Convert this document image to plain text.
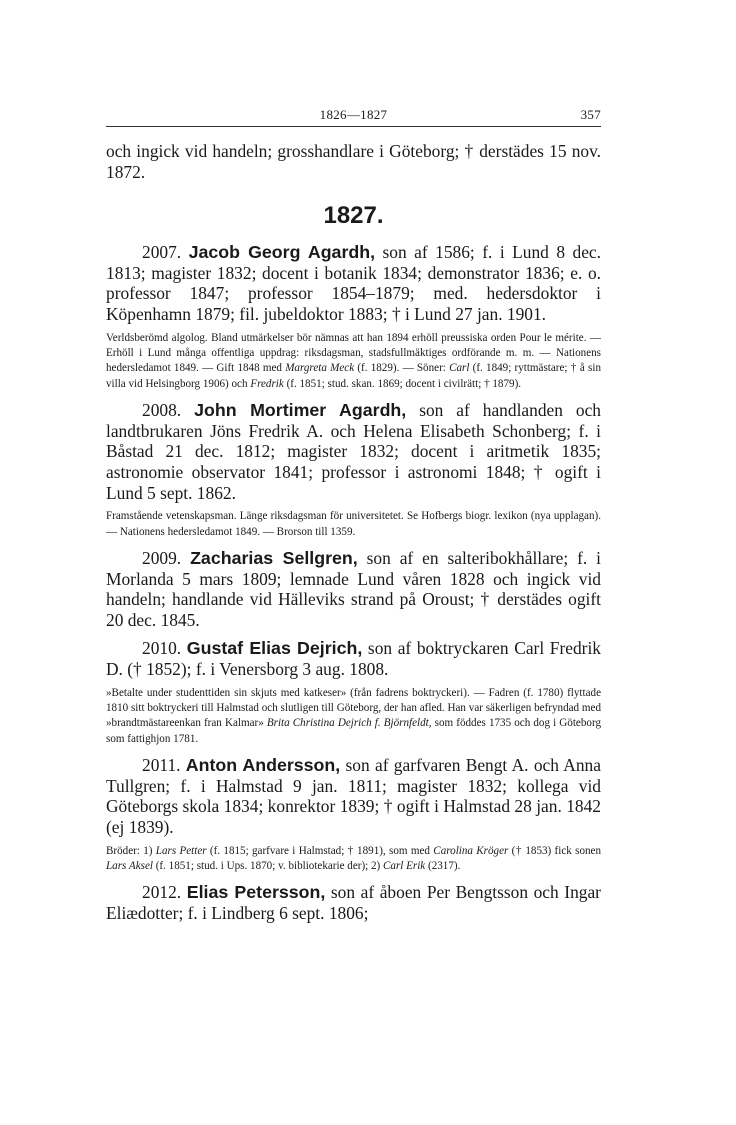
1826—1827	357

och ingick vid handeln; grosshandlare i Göteborg; † derstädes 15 nov. 1872.

1827.

2007. Jacob Georg Agardh, son af 1586; f. i Lund 8 dec. 1813; magister 1832; docent i botanik 1834; demonstrator 1836; e. o. professor 1847; professor 1854–1879; med. hedersdoktor i Köpenhamn 1879; fil. jubeldoktor 1883; † i Lund 27 jan. 1901.

Verldsberömd algolog. Bland utmärkelser bör nämnas att han 1894 erhöll preussiska orden Pour le mérite. — Erhöll i Lund många offentliga uppdrag: riksdagsman, stadsfullmäktiges ordförande m. m. — Nationens hedersledamot 1849. — Gift 1848 med Margreta Meck (f. 1829). — Söner: Carl (f. 1849; ryttmästare; † å sin villa vid Helsingborg 1906) och Fredrik (f. 1851; stud. skan. 1869; docent i civilrätt; † 1879).

2008. John Mortimer Agardh, son af handlanden och landtbrukaren Jöns Fredrik A. och Helena Elisabeth Schonberg; f. i Båstad 21 dec. 1812; magister 1832; docent i aritmetik 1835; astronomie observator 1841; professor i astronomi 1848; † ogift i Lund 5 sept. 1862.

Framstående vetenskapsman. Länge riksdagsman för universitetet. Se Hofbergs biogr. lexikon (nya upplagan). — Nationens hedersledamot 1849. — Brorson till 1359.

2009. Zacharias Sellgren, son af en salteribokhållare; f. i Morlanda 5 mars 1809; lemnade Lund våren 1828 och ingick vid handeln; handlande vid Hälleviks strand på Oroust; † derstädes ogift 20 dec. 1845.

2010. Gustaf Elias Dejrich, son af boktryckaren Carl Fredrik D. († 1852); f. i Venersborg 3 aug. 1808.

»Betalte under studenttiden sin skjuts med katkeser» (från fadrens boktryckeri). — Fadren (f. 1780) flyttade 1810 sitt boktryckeri till Halmstad och slutligen till Göteborg, der han afled. Han var säkerligen befryndad med »brandtmästareenkan fran Kalmar» Brita Christina Dejrich f. Björnfeldt, som föddes 1735 och dog i Göteborg som fattighjon 1781.

2011. Anton Andersson, son af garfvaren Bengt A. och Anna Tullgren; f. i Halmstad 9 jan. 1811; magister 1832; kollega vid Göteborgs skola 1834; konrektor 1839; † ogift i Halmstad 28 jan. 1842 (ej 1839).

Bröder: 1) Lars Petter (f. 1815; garfvare i Halmstad; † 1891), som med Carolina Kröger († 1853) fick sonen Lars Aksel (f. 1851; stud. i Ups. 1870; v. bibliotekarie der); 2) Carl Erik (2317).

2012. Elias Petersson, son af åboen Per Bengtsson och Ingar Eliædotter; f. i Lindberg 6 sept. 1806;
